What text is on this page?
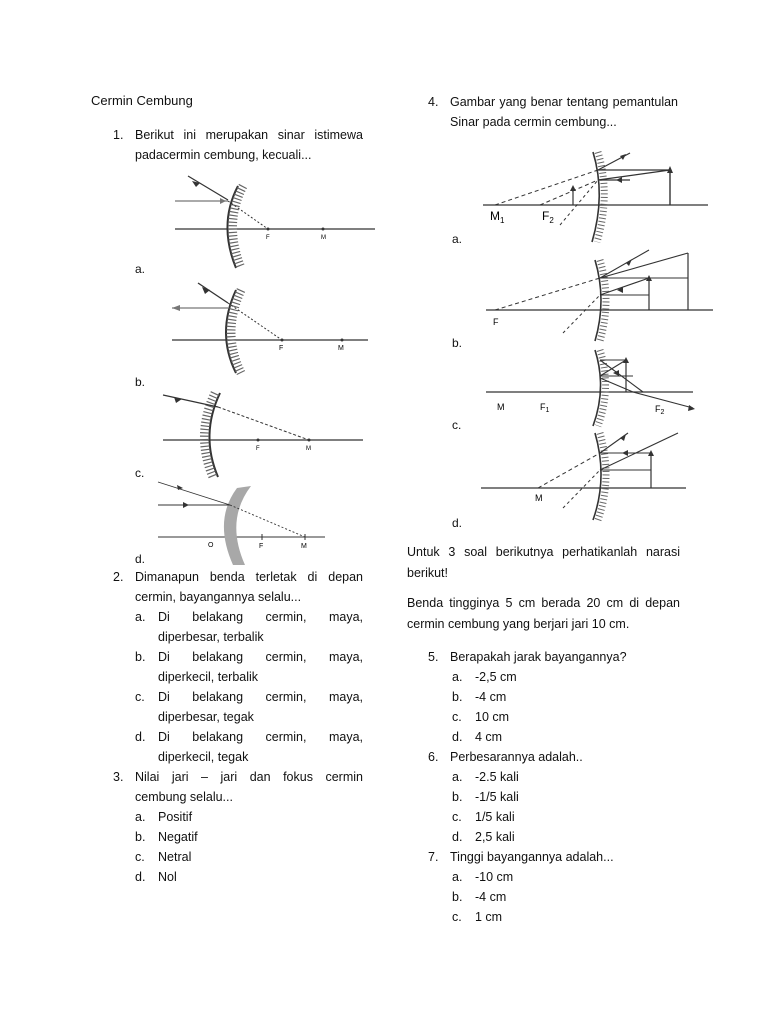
Cermin Cembung
1. Berikut ini merupakan sinar istimewa padacermin cembung, kecuali...
F	M
a.
F	M
b.
F	M
c.
O	F	M
d.
2. Dimanapun benda terletak di depan cermin, bayangannya selalu...
a. Di belakang cermin, maya,
diperbesar, terbalik
b. Di belakang cermin, maya,
diperkecil, terbalik
c. Di belakang cermin, maya,
diperbesar, tegak
d. Di belakang cermin, maya,
diperkecil, tegak
3. Nilai jari – jari dan fokus cermin cembung selalu...
a. Positif
b. Negatif
c. Netral
d. Nol
4. Gambar yang benar tentang pemantulan Sinar pada cermin cembung...
$M_1$	$F_2$
a.
F
b.
M	$F_1$	$F_2$
c.
M
d.
Untuk 3 soal berikutnya perhatikanlah narasi berikut!
Benda tingginya 5 cm berada 20 cm di depan cermin cembung yang berjari jari 10 cm.
5. Berapakah jarak bayangannya?
a. -2,5 cm
b. -4 cm
c. 10 cm
d. 4 cm
6. Perbesarannya adalah..
a. -2.5 kali
b. -1/5 kali
c. 1/5 kali
d. 2,5 kali
7. Tinggi bayangannya adalah...
a. -10 cm
b. -4 cm
c. 1 cm
